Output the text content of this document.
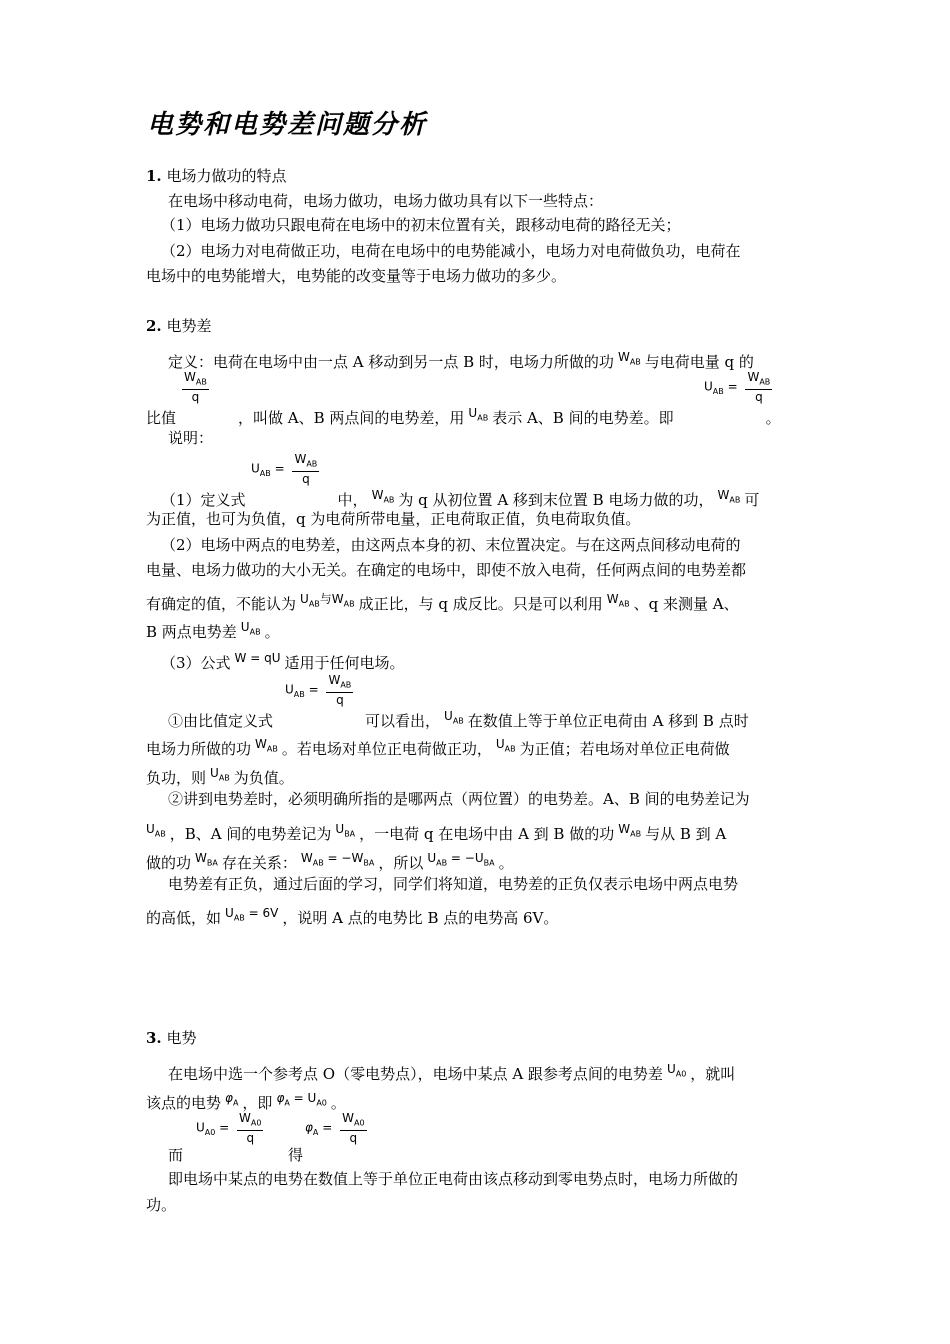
电势和电势差问题分析
1. 电场力做功的特点
在电场中移动电荷，电场力做功，电场力做功具有以下一些特点：
（1）电场力做功只跟电荷在电场中的初末位置有关，跟移动电荷的路径无关；
（2）电场力对电荷做正功，电荷在电场中的电势能减小，电场力对电荷做负功，电荷在
电场中的电势能增大，电势能的改变量等于电场力做功的多少。
2. 电势差
定义：电荷在电场中由一点 A 移动到另一点 B 时，电场力所做的功 $^{W_{AB}}$ 与电荷电量 q 的
$\frac{W_{AB}}{q}$	$U_{AB} = \frac{W_{AB}}{q}$
比值	，叫做 A、B 两点间的电势差，用 $^{U_{AB}}$ 表示 A、B 间的电势差。即	。
说明：
$U_{AB} = \frac{W_{AB}}{q}$
（1）定义式	中， $^{W_{AB}}$ 为 q 从初位置 A 移到末位置 B 电场力做的功， $^{W_{AB}}$ 可
为正值，也可为负值，q 为电荷所带电量，正电荷取正值，负电荷取负值。
（2）电场中两点的电势差，由这两点本身的初、末位置决定。与在这两点间移动电荷的
电量、电场力做功的大小无关。在确定的电场中，即使不放入电荷，任何两点间的电势差都
有确定的值，不能认为 $^{U_{AB}与W_{AB}}$ 成正比，与 q 成反比。只是可以利用 $^{W_{AB}}$ 、q 来测量 A、
B 两点电势差 $^{U_{AB}}$ 。
（3）公式 $^{W = qU}$ 适用于任何电场。
$U_{AB} = \frac{W_{AB}}{q}$
①由比值定义式	可以看出， $^{U_{AB}}$ 在数值上等于单位正电荷由 A 移到 B 点时
电场力所做的功 $^{W_{AB}}$ 。若电场对单位正电荷做正功， $^{U_{AB}}$ 为正值；若电场对单位正电荷做
负功，则 $^{U_{AB}}$ 为负值。
②讲到电势差时，必须明确所指的是哪两点（两位置）的电势差。A、B 间的电势差记为
$^{U_{AB}}$ ，B、A 间的电势差记为 $^{U_{BA}}$ ，一电荷 q 在电场中由 A 到 B 做的功 $^{W_{AB}}$ 与从 B 到 A
做的功 $^{W_{BA}}$ 存在关系： $^{W_{AB} = -W_{BA}}$ ，所以 $^{U_{AB} = -U_{BA}}$ 。
电势差有正负，通过后面的学习，同学们将知道，电势差的正负仅表示电场中两点电势
的高低，如 $^{U_{AB} = 6V}$ ，说明 A 点的电势比 B 点的电势高 6V。
3. 电势
在电场中选一个参考点 O（零电势点），电场中某点 A 跟参考点间的电势差 $^{U_{A0}}$ ，就叫
该点的电势 $^{\varphi_A}$ ，即 $^{\varphi_A = U_{A0}}$ 。
$U_{A0} = \frac{W_{A0}}{q}$	$\varphi_A = \frac{W_{A0}}{q}$
而	得
即电场中某点的电势在数值上等于单位正电荷由该点移动到零电势点时，电场力所做的
功。
